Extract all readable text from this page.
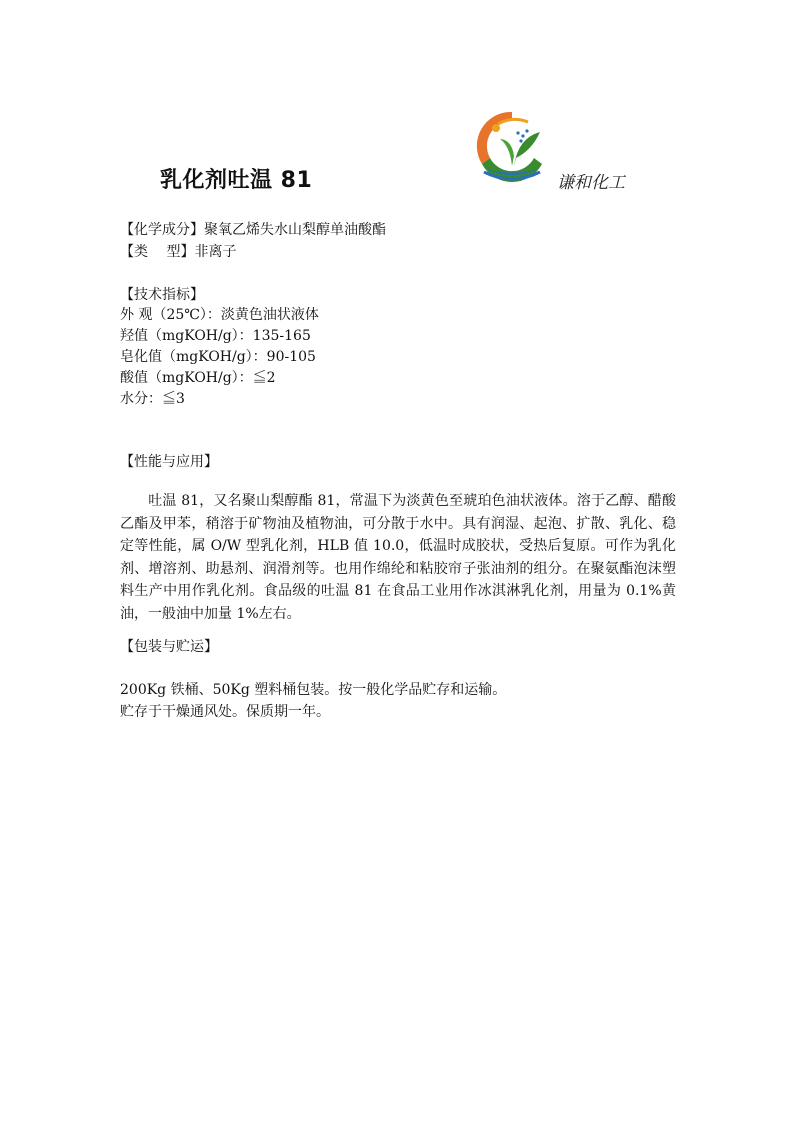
乳化剂吐温 81	谦和化工
【化学成分】聚氧乙烯失水山梨醇单油酸酯
【类　 型】非离子
【技术指标】
外 观（25℃）：淡黄色油状液体
羟值（mgKOH/g）：135-165
皂化值（mgKOH/g）：90-105
酸值（mgKOH/g）：≦2
水分：≦3
【性能与应用】
吐温 81，又名聚山梨醇酯 81，常温下为淡黄色至琥珀色油状液体。溶于乙醇、醋酸乙酯及甲苯，稍溶于矿物油及植物油，可分散于水中。具有润湿、起泡、扩散、乳化、稳定等性能，属 O/W 型乳化剂，HLB 值 10.0，低温时成胶状，受热后复原。可作为乳化剂、增溶剂、助悬剂、润滑剂等。也用作绵纶和粘胶帘子张油剂的组分。在聚氨酯泡沫塑料生产中用作乳化剂。食品级的吐温 81 在食品工业用作冰淇淋乳化剂，用量为 0.1%黄油，一般油中加量 1%左右。
【包装与贮运】
200Kg 铁桶、50Kg 塑料桶包装。按一般化学品贮存和运输。
贮存于干燥通风处。保质期一年。
